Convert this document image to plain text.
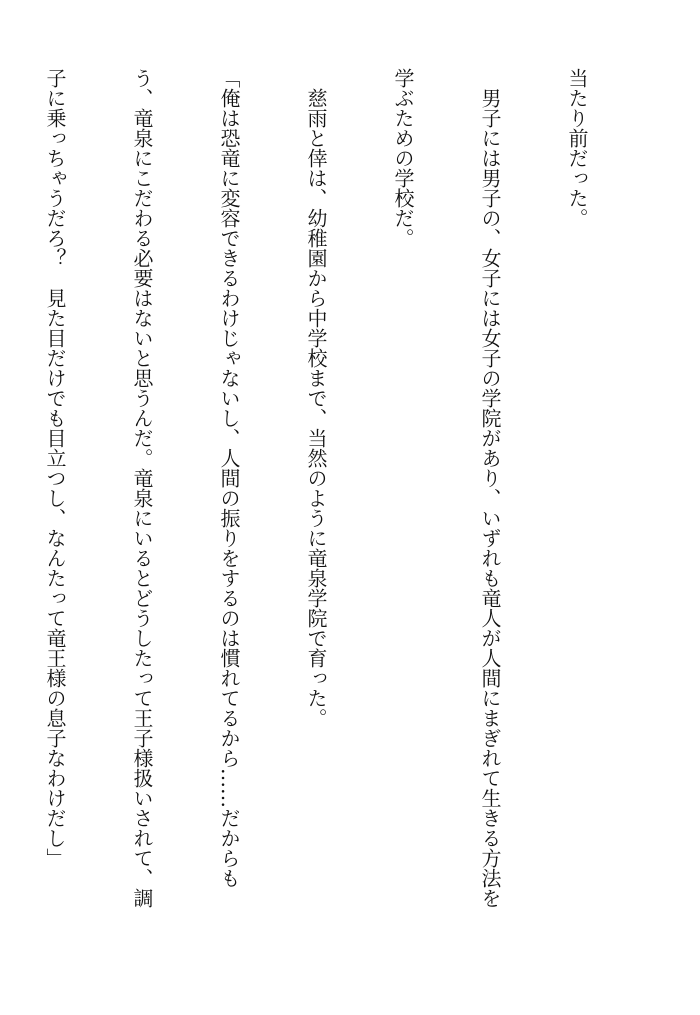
当たり前だった。

　男子には男子の、女子には女子の学院があり、いずれも竜人が人間にまぎれて生きる方法を

学ぶための学校だ。

　慈雨と倖は、幼稚園から中学校まで、当然のように竜泉学院で育った。

「俺は恐竜に変容できるわけじゃないし、人間の振りをするのは慣れてるから……だからも

う、竜泉にこだわる必要はないと思うんだ。竜泉にいるとどうしたって王子様扱いされて、調

子に乗っちゃうだろ？　見た目だけでも目立つし、なんたって竜王様の息子なわけだし」
